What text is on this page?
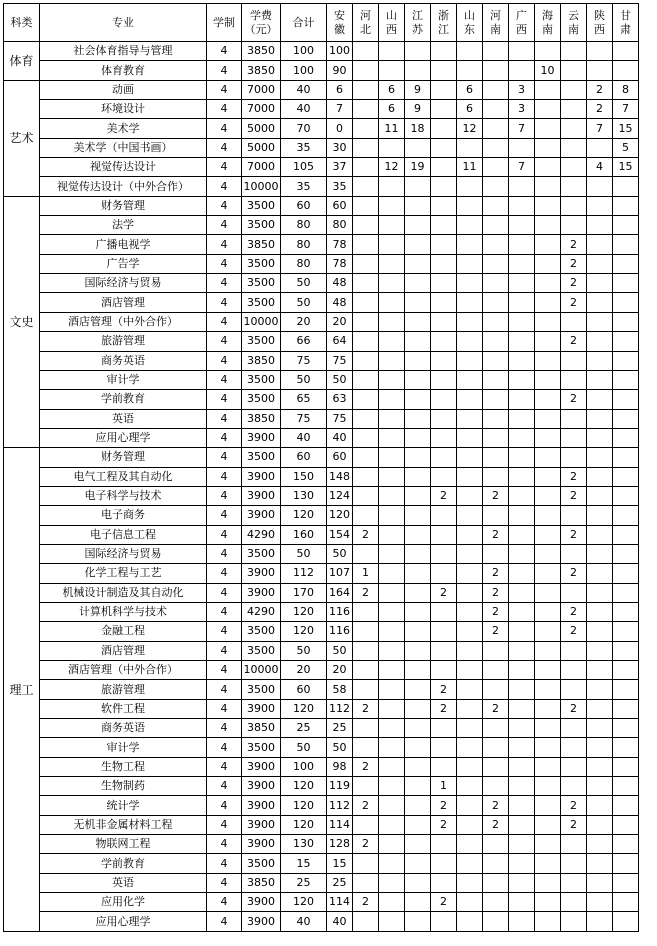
科类	专业	学制	学费（元）	合计	安徽	河北	山西	江苏	浙江	山东	河南	广西	海南	云南	陕西	甘肃
体育	社会体育指导与管理	4	3850	100	100											
	体育教育	4	3850	100	90								10			
艺术	动画	4	7000	40	6		6	9		6		3			2	8
	环境设计	4	7000	40	7		6	9		6		3			2	7
	美术学	4	5000	70	0		11	18		12		7			7	15
	美术学（中国书画）	4	5000	35	30											5
	视觉传达设计	4	7000	105	37		12	19		11		7			4	15
	视觉传达设计（中外合作）	4	10000	35	35											
文史	财务管理	4	3500	60	60											
	法学	4	3500	80	80											
	广播电视学	4	3850	80	78									2		
	广告学	4	3500	80	78									2		
	国际经济与贸易	4	3500	50	48									2		
	酒店管理	4	3500	50	48									2		
	酒店管理（中外合作）	4	10000	20	20											
	旅游管理	4	3500	66	64									2		
	商务英语	4	3850	75	75											
	审计学	4	3500	50	50											
	学前教育	4	3500	65	63									2		
	英语	4	3850	75	75											
	应用心理学	4	3900	40	40											
理工	财务管理	4	3500	60	60											
	电气工程及其自动化	4	3900	150	148									2		
	电子科学与技术	4	3900	130	124				2		2			2		
	电子商务	4	3900	120	120											
	电子信息工程	4	4290	160	154	2					2			2		
	国际经济与贸易	4	3500	50	50											
	化学工程与工艺	4	3900	112	107	1					2			2		
	机械设计制造及其自动化	4	3900	170	164	2			2		2					
	计算机科学与技术	4	4290	120	116						2			2		
	金融工程	4	3500	120	116						2			2		
	酒店管理	4	3500	50	50											
	酒店管理（中外合作）	4	10000	20	20											
	旅游管理	4	3500	60	58				2							
	软件工程	4	3900	120	112	2			2		2			2		
	商务英语	4	3850	25	25											
	审计学	4	3500	50	50											
	生物工程	4	3900	100	98	2										
	生物制药	4	3900	120	119				1							
	统计学	4	3900	120	112	2			2		2			2		
	无机非金属材料工程	4	3900	120	114				2		2			2		
	物联网工程	4	3900	130	128	2										
	学前教育	4	3500	15	15											
	英语	4	3850	25	25											
	应用化学	4	3900	120	114	2			2							
	应用心理学	4	3900	40	40											
